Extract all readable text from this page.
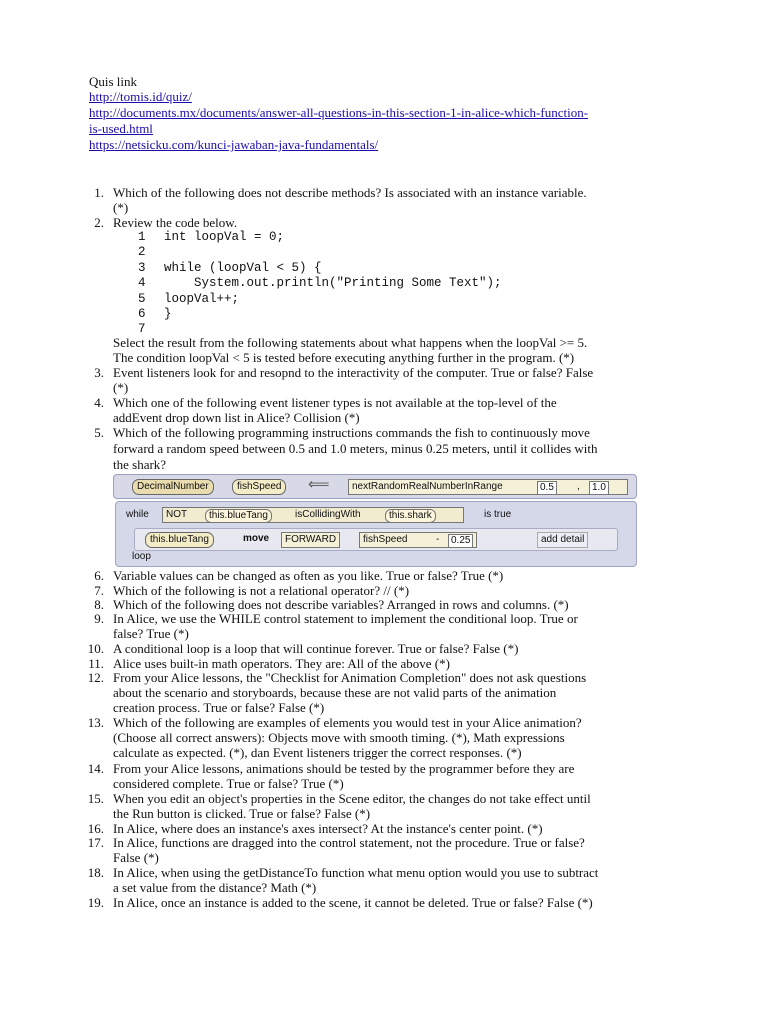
Quis link
http://tomis.id/quiz/
http://documents.mx/documents/answer-all-questions-in-this-section-1-in-alice-which-function-
is-used.html
https://netsicku.com/kunci-jawaban-java-fundamentals/
1. Which of the following does not describe methods? Is associated with an instance variable.
(*)
2. Review the code below.
1 int loopVal = 0;
2
3 while (loopVal < 5) {
4    System.out.println("Printing Some Text");
5 loopVal++;
6 }
7
Select the result from the following statements about what happens when the loopVal >= 5.
The condition loopVal < 5 is tested before executing anything further in the program. (*)
3. Event listeners look for and resopnd to the interactivity of the computer. True or false? False
(*)
4. Which one of the following event listener types is not available at the top-level of the
addEvent drop down list in Alice? Collision (*)
5. Which of the following programming instructions commands the fish to continuously move
forward a random speed between 0.5 and 1.0 meters, minus 0.25 meters, until it collides with
the shark?
DecimalNumber	fishSpeed	⟸	nextRandomRealNumberInRange	0.5	,	1.0
while	NOT	this.blueTang	isCollidingWith	this.shark	is true
this.blueTang	move	FORWARD	fishSpeed	-	0.25	add detail
loop
6. Variable values can be changed as often as you like. True or false? True (*)
7. Which of the following is not a relational operator? // (*)
8. Which of the following does not describe variables? Arranged in rows and columns. (*)
9. In Alice, we use the WHILE control statement to implement the conditional loop. True or
false? True (*)
10. A conditional loop is a loop that will continue forever. True or false? False (*)
11. Alice uses built-in math operators. They are: All of the above (*)
12. From your Alice lessons, the "Checklist for Animation Completion" does not ask questions
about the scenario and storyboards, because these are not valid parts of the animation
creation process. True or false? False (*)
13. Which of the following are examples of elements you would test in your Alice animation?
(Choose all correct answers): Objects move with smooth timing. (*), Math expressions
calculate as expected. (*), dan Event listeners trigger the correct responses. (*)
14. From your Alice lessons, animations should be tested by the programmer before they are
considered complete. True or false? True (*)
15. When you edit an object's properties in the Scene editor, the changes do not take effect until
the Run button is clicked. True or false? False (*)
16. In Alice, where does an instance's axes intersect? At the instance's center point. (*)
17. In Alice, functions are dragged into the control statement, not the procedure. True or false?
False (*)
18. In Alice, when using the getDistanceTo function what menu option would you use to subtract
a set value from the distance? Math (*)
19. In Alice, once an instance is added to the scene, it cannot be deleted. True or false? False (*)
